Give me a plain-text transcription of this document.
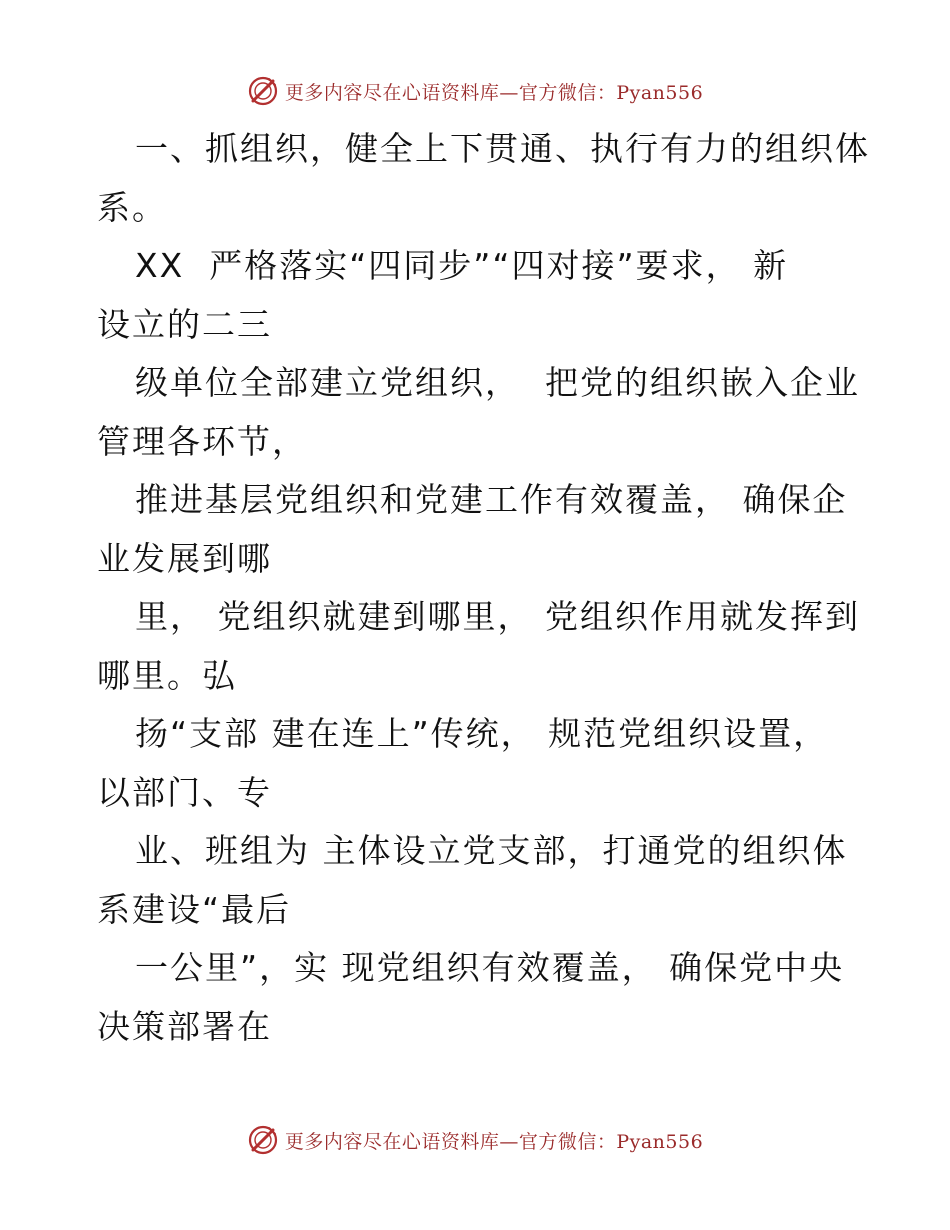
更多内容尽在心语资料库—官方微信：Pyan556
一、抓组织，健全上下贯通、执行有力的组织体
系。
XX  严格落实“四同步”“四对接”要求， 新
设立的二三
级单位全部建立党组织，  把党的组织嵌入企业
管理各环节，
推进基层党组织和党建工作有效覆盖， 确保企
业发展到哪
里， 党组织就建到哪里， 党组织作用就发挥到
哪里。弘
扬“支部 建在连上”传统， 规范党组织设置，
以部门、专
业、班组为 主体设立党支部，打通党的组织体
系建设“最后
一公里”，实 现党组织有效覆盖， 确保党中央
决策部署在
更多内容尽在心语资料库—官方微信：Pyan556
